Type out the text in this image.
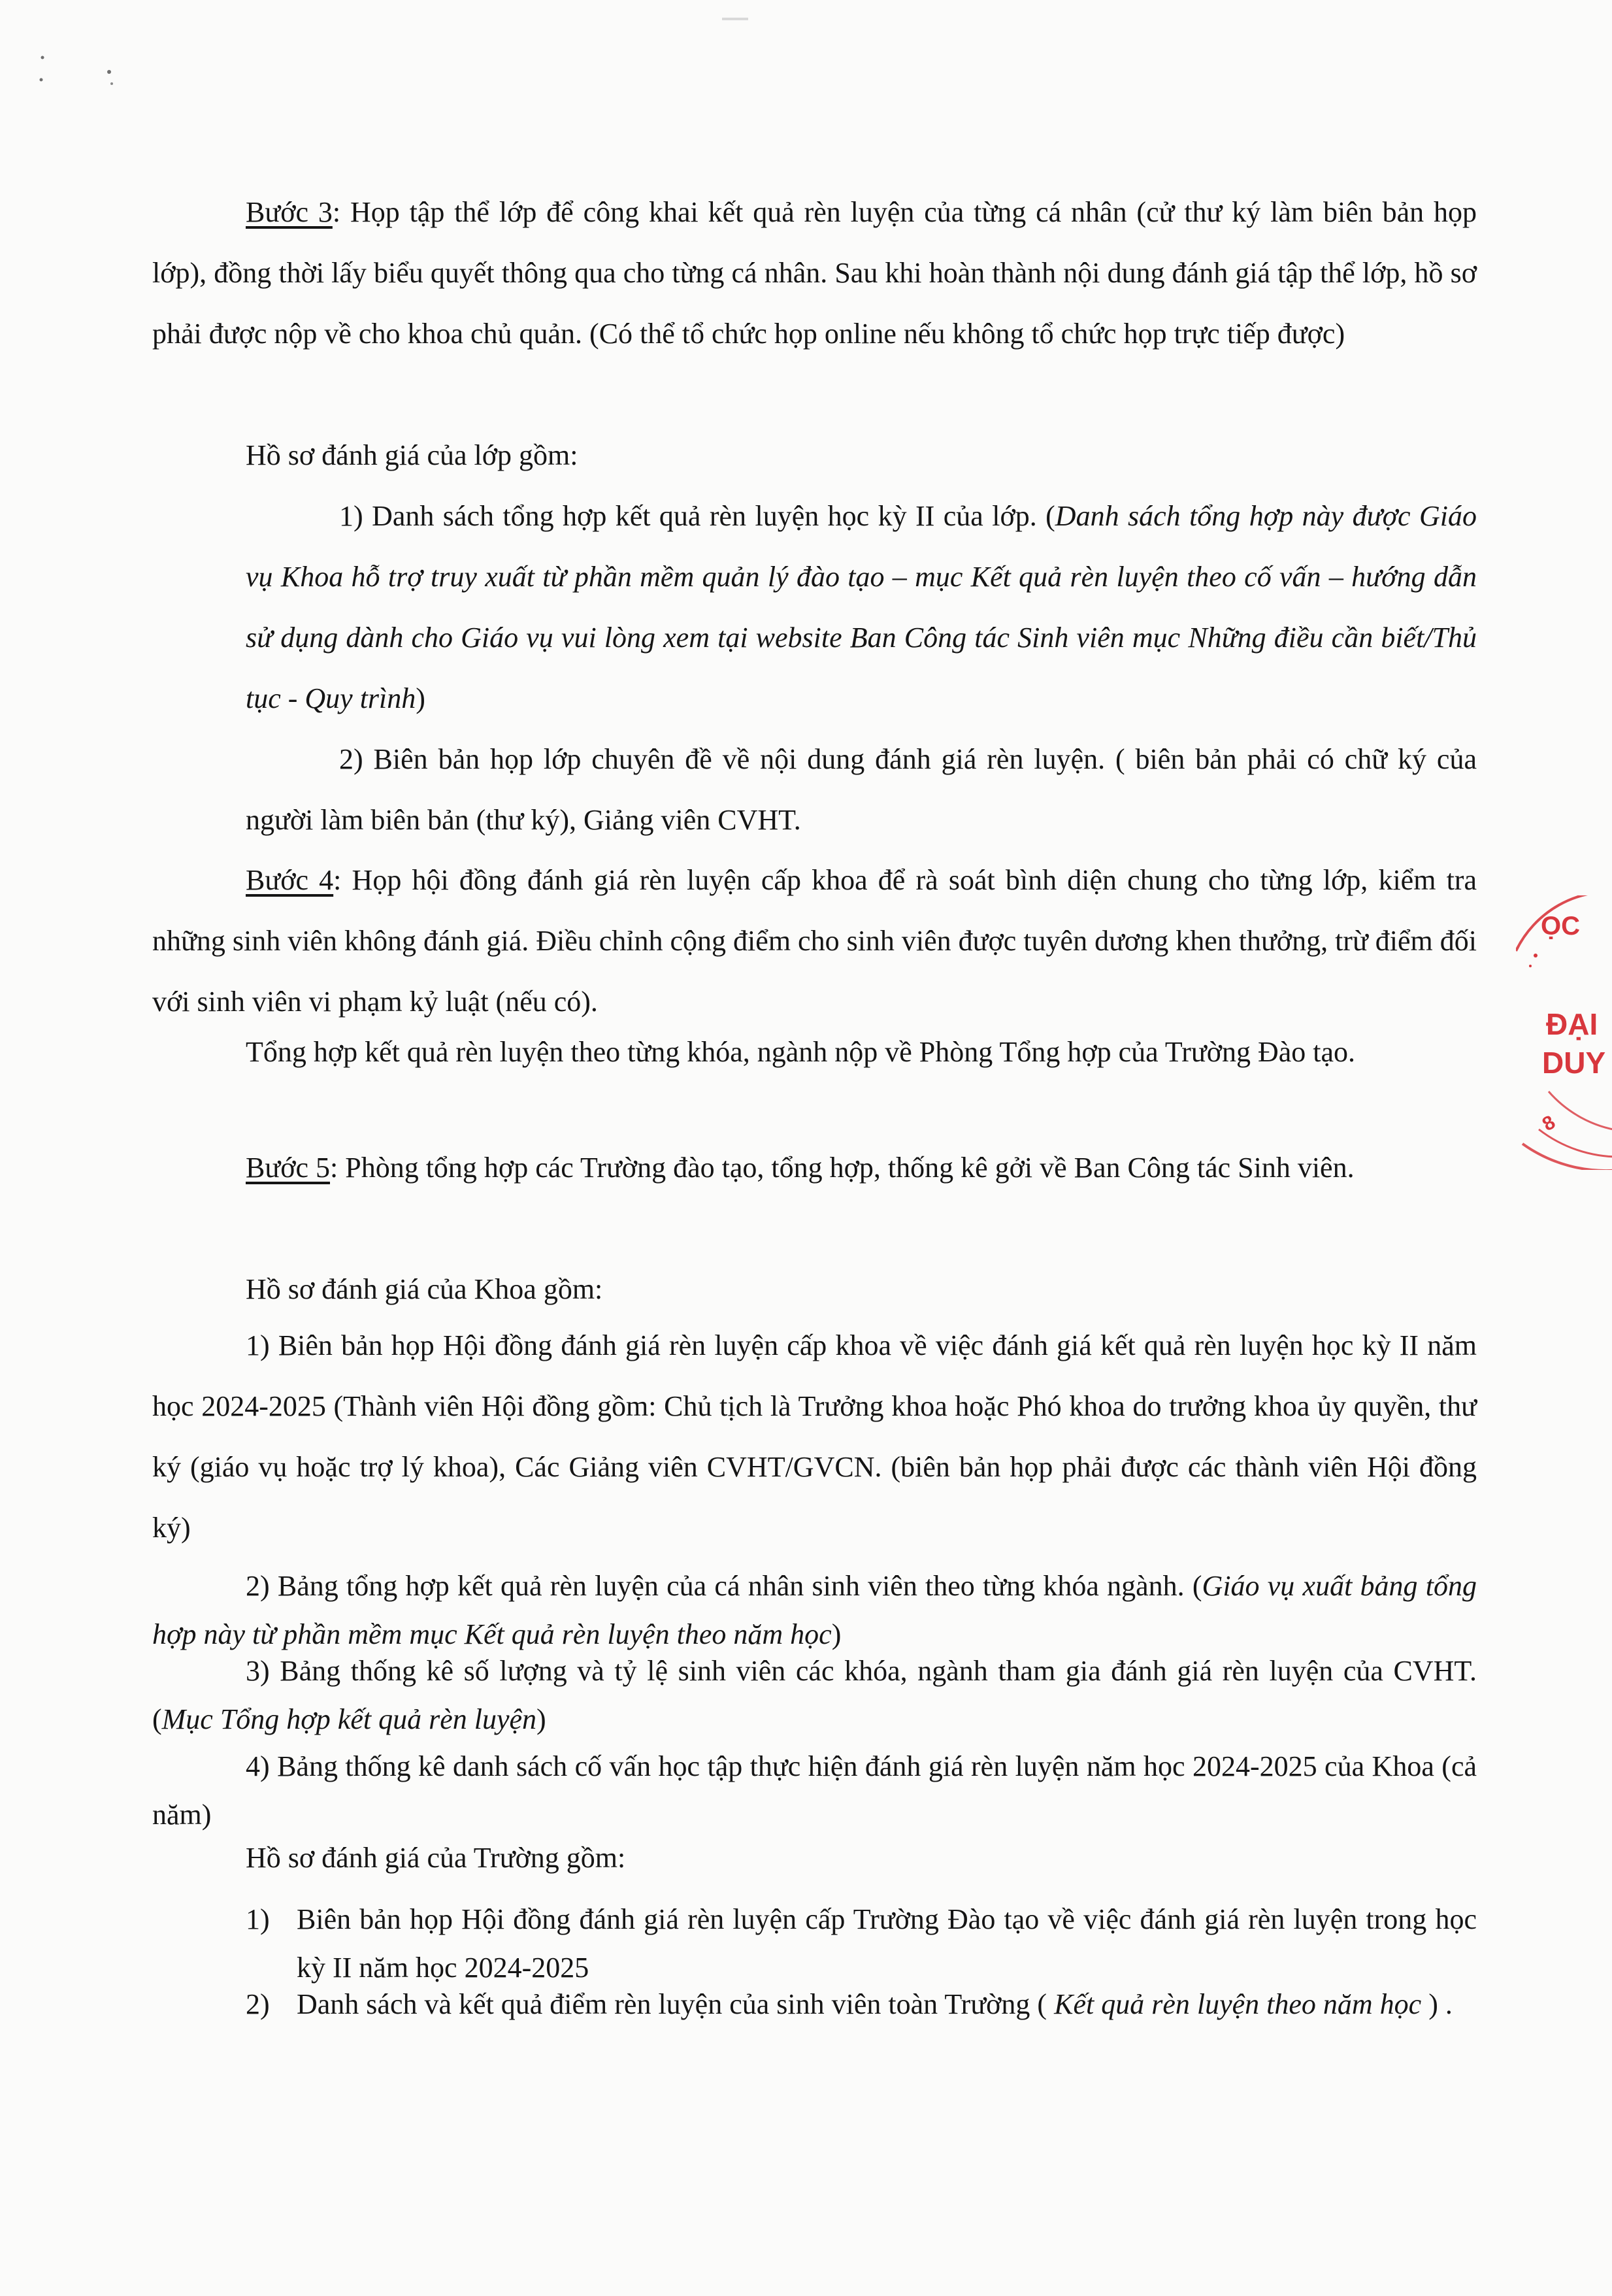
Bước 3: Họp tập thể lớp để công khai kết quả rèn luyện của từng cá nhân (cử thư ký làm biên bản họp lớp), đồng thời lấy biểu quyết thông qua cho từng cá nhân. Sau khi hoàn thành nội dung đánh giá tập thể lớp, hồ sơ phải được nộp về cho khoa chủ quản. (Có thể tổ chức họp online nếu không tổ chức họp trực tiếp được)
Hồ sơ đánh giá của lớp gồm:
1) Danh sách tổng hợp kết quả rèn luyện học kỳ II của lớp. (Danh sách tổng hợp này được Giáo vụ Khoa hỗ trợ truy xuất từ phần mềm quản lý đào tạo – mục Kết quả rèn luyện theo cố vấn – hướng dẫn sử dụng dành cho Giáo vụ vui lòng xem tại website Ban Công tác Sinh viên mục Những điều cần biết/Thủ tục - Quy trình)
2) Biên bản họp lớp chuyên đề về nội dung đánh giá rèn luyện. ( biên bản phải có chữ ký của người làm biên bản (thư ký), Giảng viên CVHT.
Bước 4: Họp hội đồng đánh giá rèn luyện cấp khoa để rà soát bình diện chung cho từng lớp, kiểm tra những sinh viên không đánh giá. Điều chỉnh cộng điểm cho sinh viên được tuyên dương khen thưởng, trừ điểm đối với sinh viên vi phạm kỷ luật (nếu có).
Tổng hợp kết quả rèn luyện theo từng khóa, ngành nộp về Phòng Tổng hợp của Trường Đào tạo.
Bước 5: Phòng tổng hợp các Trường đào tạo, tổng hợp, thống kê gởi về Ban Công tác Sinh viên.
Hồ sơ đánh giá của Khoa gồm:
1) Biên bản họp Hội đồng đánh giá rèn luyện cấp khoa về việc đánh giá kết quả rèn luyện học kỳ II năm học 2024-2025 (Thành viên Hội đồng gồm: Chủ tịch là Trưởng khoa hoặc Phó khoa do trưởng khoa ủy quyền, thư ký (giáo vụ hoặc trợ lý khoa), Các Giảng viên CVHT/GVCN. (biên bản họp phải được các thành viên Hội đồng ký)
2) Bảng tổng hợp kết quả rèn luyện của cá nhân sinh viên theo từng khóa ngành. (Giáo vụ xuất bảng tổng hợp này từ phần mềm mục Kết quả rèn luyện theo năm học)
3) Bảng thống kê số lượng và tỷ lệ sinh viên các khóa, ngành tham gia đánh giá rèn luyện của CVHT. (Mục Tổng hợp kết quả rèn luyện)
4) Bảng thống kê danh sách cố vấn học tập thực hiện đánh giá rèn luyện năm học 2024-2025 của Khoa (cả năm)
Hồ sơ đánh giá của Trường gồm:
1) Biên bản họp Hội đồng đánh giá rèn luyện cấp Trường Đào tạo về việc đánh giá rèn luyện trong học kỳ II năm học 2024-2025
2) Danh sách và kết quả điểm rèn luyện của sinh viên toàn Trường ( Kết quả rèn luyện theo năm học ) .
ỌC
ĐẠI
DUY
8
